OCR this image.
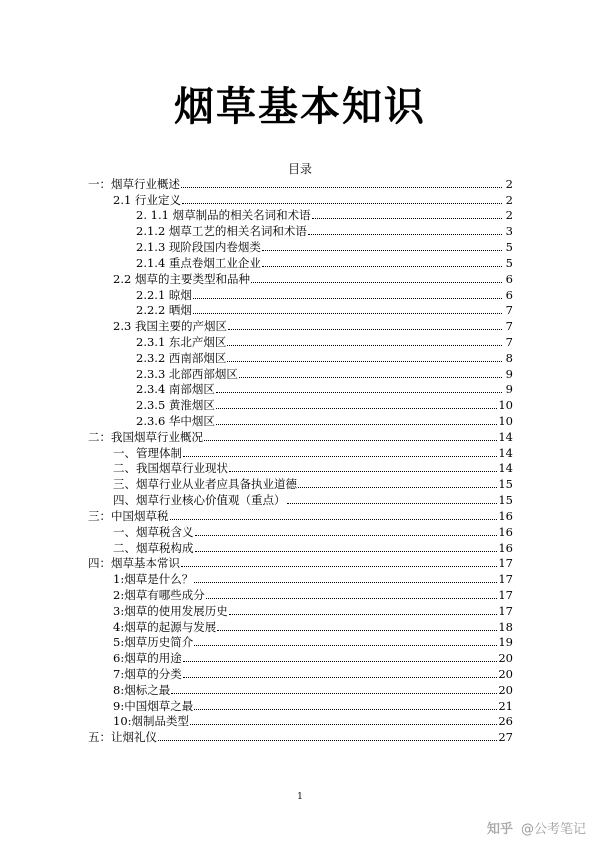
烟草基本知识
目录
一：烟草行业概述	2
2.1 行业定义	2
2. 1.1 烟草制品的相关名词和术语	2
2.1.2 烟草工艺的相关名词和术语	3
2.1.3 现阶段国内卷烟类	5
2.1.4 重点卷烟工业企业	5
2.2 烟草的主要类型和品种	6
2.2.1 晾烟	6
2.2.2 晒烟	7
2.3 我国主要的产烟区	7
2.3.1 东北产烟区	7
2.3.2 西南部烟区	8
2.3.3 北部西部烟区	9
2.3.4 南部烟区	9
2.3.5 黄淮烟区	10
2.3.6 华中烟区	10
二：我国烟草行业概况	14
一、管理体制	14
二、我国烟草行业现状	14
三、烟草行业从业者应具备执业道德	15
四、烟草行业核心价值观（重点）	15
三：中国烟草税	16
一、烟草税含义	16
二、烟草税构成	16
四：烟草基本常识	17
1:烟草是什么？	17
2:烟草有哪些成分	17
3:烟草的使用发展历史	17
4:烟草的起源与发展	18
5:烟草历史简介	19
6:烟草的用途	20
7:烟草的分类	20
8:烟标之最	20
9:中国烟草之最	21
10:烟制品类型	26
五：让烟礼仪	27
1
知乎 @公考笔记
